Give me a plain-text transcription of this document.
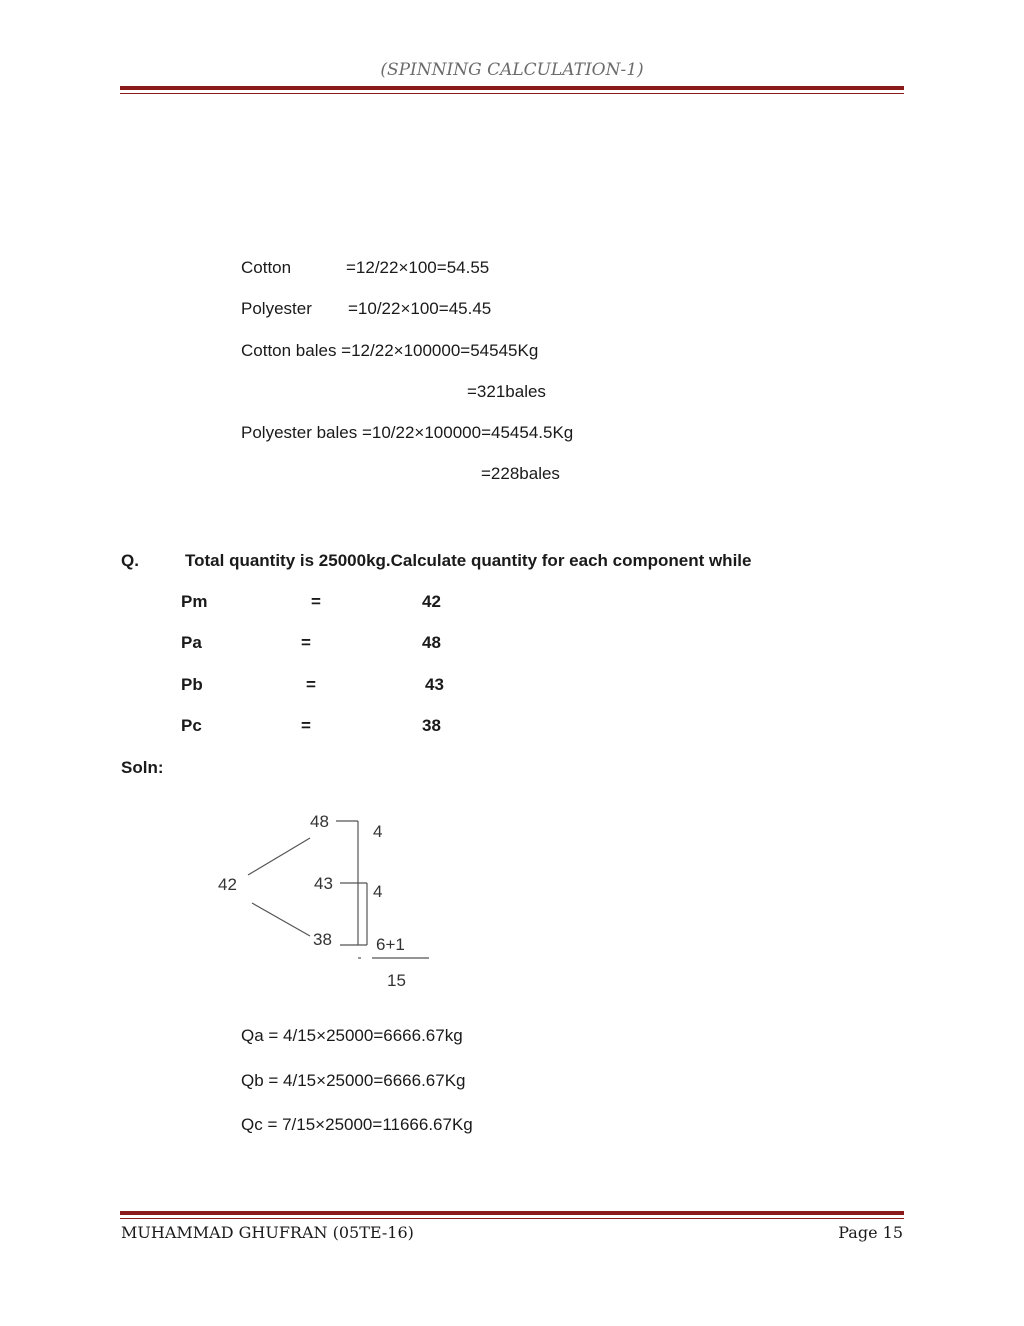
(SPINNING CALCULATION-1)
Cotton	=12/22×100=54.55
Polyester =10/22×100=45.45
Cotton bales =12/22×100000=54545Kg
=321bales
Polyester bales =10/22×100000=45454.5Kg
=228bales
Q.	Total quantity is 25000kg.Calculate quantity for each component while
Pm	=	42
Pa	=	48
Pb	=	43
Pc	=	38
Soln:
42
48
43
38
4
4
6+1
15
Qa = 4/15×25000=6666.67kg
Qb = 4/15×25000=6666.67Kg
Qc = 7/15×25000=11666.67Kg
MUHAMMAD GHUFRAN (05TE-16)	Page 15
